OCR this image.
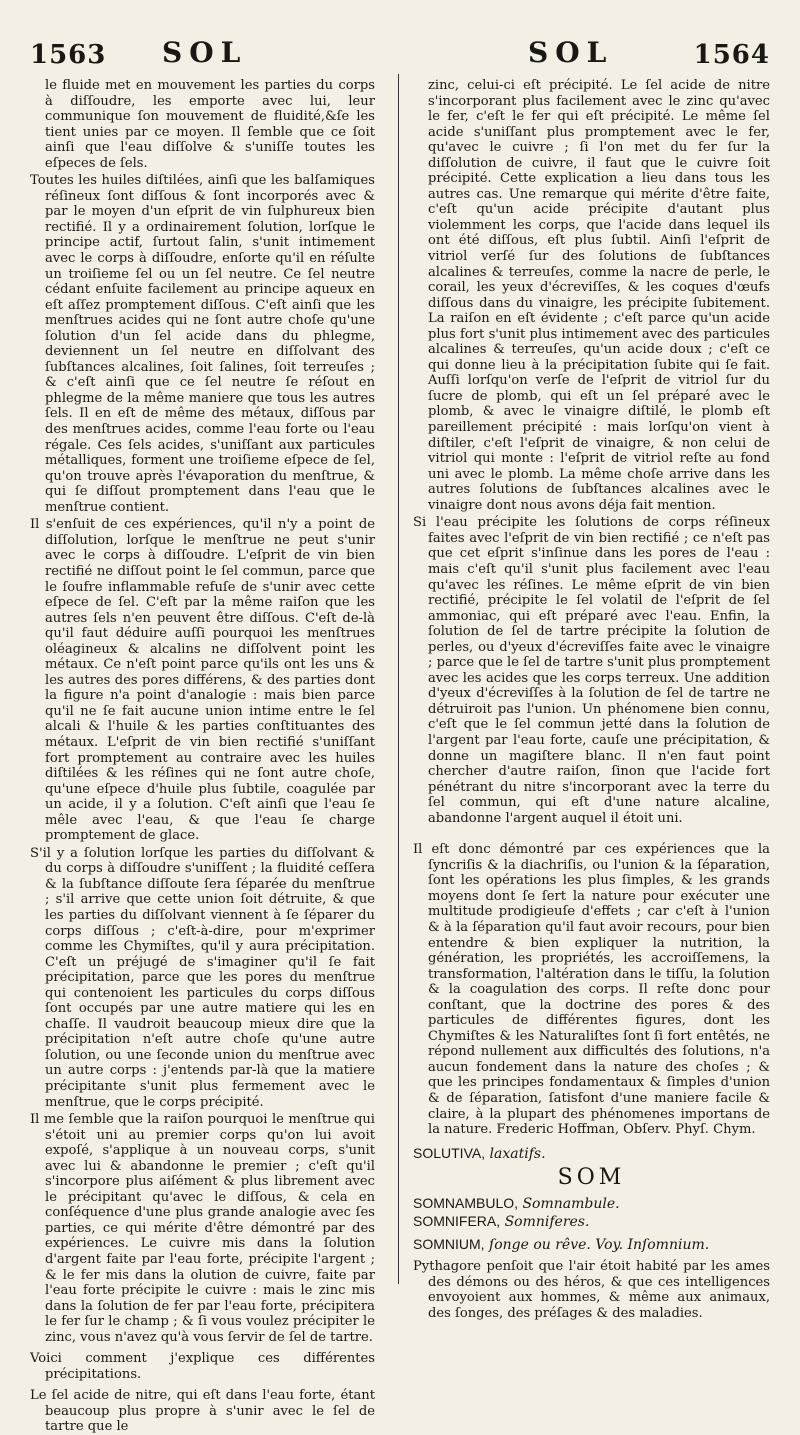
1563 SOL	SOL	1564

le fluide met en mouvement les parties du corps à diſſoudre, les emporte avec lui, leur communique ſon mouvement de fluidité,&ſe les tient unies par ce moyen. Il ſemble que ce ſoit ainſi que l'eau diſſolve & s'uniſſe toutes les eſpeces de ſels.

Toutes les huiles diſtilées, ainſi que les balſamiques réſineux ſont diſſous & ſont incorporés avec & par le moyen d'un eſprit de vin ſulphureux bien rectifié. Il y a ordinairement ſolution, lorſque le principe actif, ſurtout ſalin, s'unit intimement avec le corps à diſſoudre, enſorte qu'il en réſulte un troiſieme ſel ou un ſel neutre. Ce ſel neutre cédant enſuite facilement au principe aqueux en eſt aſſez promptement diſſous. C'eſt ainſi que les menſtrues acides qui ne ſont autre choſe qu'une ſolution d'un ſel acide dans du phlegme, deviennent un ſel neutre en diſſolvant des ſubſtances alcalines, ſoit ſalines, ſoit terreuſes ; & c'eſt ainſi que ce ſel neutre ſe réſout en phlegme de la même maniere que tous les autres ſels. Il en eſt de même des métaux, diſſous par des menſtrues acides, comme l'eau forte ou l'eau régale. Ces ſels acides, s'uniſſant aux particules métalliques, forment une troiſieme eſpece de ſel, qu'on trouve après l'évaporation du menſtrue, & qui ſe diſſout promptement dans l'eau que le menſtrue contient.

Il s'enſuit de ces expériences, qu'il n'y a point de diſſolution, lorſque le menſtrue ne peut s'unir avec le corps à diſſoudre. L'eſprit de vin bien rectifié ne diſſout point le ſel commun, parce que le ſoufre inflammable refuſe de s'unir avec cette eſpece de ſel. C'eſt par la même raiſon que les autres ſels n'en peuvent être diſſous. C'eſt de-là qu'il faut déduire auſſi pourquoi les menſtrues oléagineux & alcalins ne diſſolvent point les métaux. Ce n'eſt point parce qu'ils ont les uns & les autres des pores différens, & des parties dont la figure n'a point d'analogie : mais bien parce qu'il ne ſe fait aucune union intime entre le ſel alcali & l'huile & les parties conſtituantes des métaux. L'eſprit de vin bien rectifié s'uniſſant fort promptement au contraire avec les huiles diſtilées & les réſines qui ne ſont autre choſe, qu'une eſpece d'huile plus ſubtile, coagulée par un acide, il y a ſolution. C'eſt ainſi que l'eau ſe mêle avec l'eau, & que l'eau ſe charge promptement de glace.

S'il y a ſolution lorſque les parties du diſſolvant & du corps à diſſoudre s'uniſſent ; la fluidité ceſſera & la ſubſtance diſſoute ſera ſéparée du menſtrue ; s'il arrive que cette union ſoit détruite, & que les parties du diſſolvant viennent à ſe ſéparer du corps diſſous ; c'eſt-à-dire, pour m'exprimer comme les Chymiſtes, qu'il y aura précipitation. C'eſt un préjugé de s'imaginer qu'il ſe fait précipitation, parce que les pores du menſtrue qui contenoient les particules du corps diſſous ſont occupés par une autre matiere qui les en chaſſe. Il vaudroit beaucoup mieux dire que la précipitation n'eſt autre choſe qu'une autre ſolution, ou une ſeconde union du menſtrue avec un autre corps : j'entends par-là que la matiere précipitante s'unit plus fermement avec le menſtrue, que le corps précipité.

Il me ſemble que la raiſon pourquoi le menſtrue qui s'étoit uni au premier corps qu'on lui avoit expoſé, s'applique à un nouveau corps, s'unit avec lui & abandonne le premier ; c'eſt qu'il s'incorpore plus aiſément & plus librement avec le précipitant qu'avec le diſſous, & cela en conſéquence d'une plus grande analogie avec ſes parties, ce qui mérite d'être démontré par des expériences. Le cuivre mis dans la ſolution d'argent faite par l'eau forte, précipite l'argent ; & le fer mis dans la olution de cuivre, faite par l'eau forte précipite le cuivre : mais le zinc mis dans la ſolution de fer par l'eau forte, précipitera le fer ſur le champ ; & ſi vous voulez précipiter le zinc, vous n'avez qu'à vous ſervir de ſel de tartre.

Voici comment j'explique ces différentes précipitations.

Le ſel acide de nitre, qui eſt dans l'eau forte, étant beaucoup plus propre à s'unir avec le ſel de tartre que le

zinc, celui-ci eſt précipité. Le ſel acide de nitre s'incorporant plus facilement avec le zinc qu'avec le fer, c'eſt le fer qui eſt précipité. Le même ſel acide s'uniſſant plus promptement avec le fer, qu'avec le cuivre ; ſi l'on met du fer ſur la diſſolution de cuivre, il faut que le cuivre ſoit précipité. Cette explication a lieu dans tous les autres cas. Une remarque qui mérite d'être faite, c'eſt qu'un acide précipite d'autant plus violemment les corps, que l'acide dans lequel ils ont été diſſous, eſt plus ſubtil. Ainſi l'eſprit de vitriol verſé ſur des ſolutions de ſubſtances alcalines & terreuſes, comme la nacre de perle, le corail, les yeux d'écreviſſes, & les coques d'œufs diſſous dans du vinaigre, les précipite ſubitement. La raiſon en eſt évidente ; c'eſt parce qu'un acide plus fort s'unit plus intimement avec des particules alcalines & terreuſes, qu'un acide doux ; c'eſt ce qui donne lieu à la précipitation ſubite qui ſe fait. Auſſi lorſqu'on verſe de l'eſprit de vitriol ſur du ſucre de plomb, qui eſt un ſel préparé avec le plomb, & avec le vinaigre diſtilé, le plomb eſt pareillement précipité : mais lorſqu'on vient à diſtiler, c'eſt l'eſprit de vinaigre, & non celui de vitriol qui monte : l'eſprit de vitriol reſte au fond uni avec le plomb. La même choſe arrive dans les autres ſolutions de ſubſtances alcalines avec le vinaigre dont nous avons déja fait mention.

Si l'eau précipite les ſolutions de corps réſineux faites avec l'eſprit de vin bien rectifié ; ce n'eſt pas que cet eſprit s'inſinue dans les pores de l'eau : mais c'eſt qu'il s'unit plus facilement avec l'eau qu'avec les réſines. Le même eſprit de vin bien rectifié, précipite le ſel volatil de l'eſprit de ſel ammoniac, qui eſt préparé avec l'eau. Enfin, la ſolution de ſel de tartre précipite la ſolution de perles, ou d'yeux d'écreviſſes faite avec le vinaigre ; parce que le ſel de tartre s'unit plus promptement avec les acides que les corps terreux. Une addition d'yeux d'écreviſſes à la ſolution de ſel de tartre ne détruiroit pas l'union. Un phénomene bien connu, c'eſt que le ſel commun jetté dans la ſolution de l'argent par l'eau forte, cauſe une précipitation, & donne un magiſtere blanc. Il n'en faut point chercher d'autre raiſon, ſinon que l'acide fort pénétrant du nitre s'incorporant avec la terre du ſel commun, qui eſt d'une nature alcaline, abandonne l'argent auquel il étoit uni.

Il eſt donc démontré par ces expériences que la ſyncriſis & la diachriſis, ou l'union & la ſéparation, ſont les opérations les plus ſimples, & les grands moyens dont ſe ſert la nature pour exécuter une multitude prodigieuſe d'effets ; car c'eſt à l'union & à la ſéparation qu'il faut avoir recours, pour bien entendre & bien expliquer la nutrition, la génération, les propriétés, les accroiſſemens, la transformation, l'altération dans le tiſſu, la ſolution & la coagulation des corps. Il reſte donc pour conſtant, que la doctrine des pores & des particules de différentes figures, dont les Chymiſtes & les Naturaliſtes ſont ſi fort entêtés, ne répond nullement aux difficultés des ſolutions, n'a aucun fondement dans la nature des choſes ; & que les principes fondamentaux & ſimples d'union & de ſéparation, ſatisfont d'une maniere facile & claire, à la plupart des phénomenes importans de la nature. Frederic Hoffman, Obſerv. Phyſ. Chym.

SOLUTIVA, laxatifs.

SOM

SOMNAMBULO, Somnambule.

SOMNIFERA, Somniferes.

SOMNIUM, ſonge ou rêve. Voy. Inſomnium.

Pythagore penſoit que l'air étoit habité par les ames des démons ou des héros, & que ces intelligences envoyoient aux hommes, & même aux animaux, des ſonges, des préſages & des maladies.
